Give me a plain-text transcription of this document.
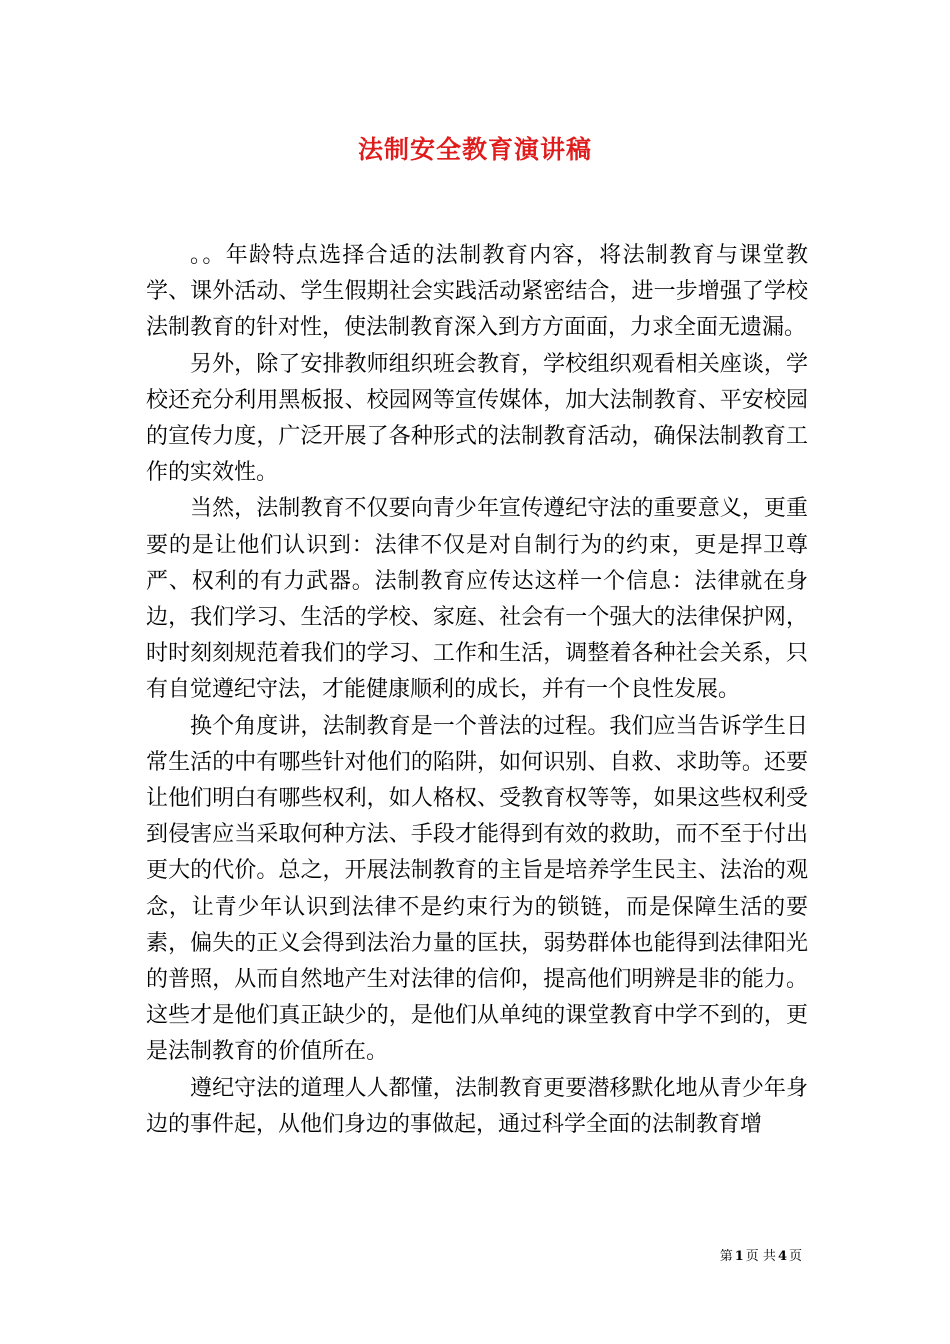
法制安全教育演讲稿

。。年龄特点选择合适的法制教育内容，将法制教育与课堂教学、课外活动、学生假期社会实践活动紧密结合，进一步增强了学校法制教育的针对性，使法制教育深入到方方面面，力求全面无遗漏。

另外，除了安排教师组织班会教育，学校组织观看相关座谈，学校还充分利用黑板报、校园网等宣传媒体，加大法制教育、平安校园的宣传力度，广泛开展了各种形式的法制教育活动，确保法制教育工作的实效性。

当然，法制教育不仅要向青少年宣传遵纪守法的重要意义，更重要的是让他们认识到：法律不仅是对自制行为的约束，更是捍卫尊严、权利的有力武器。法制教育应传达这样一个信息：法律就在身边，我们学习、生活的学校、家庭、社会有一个强大的法律保护网，时时刻刻规范着我们的学习、工作和生活，调整着各种社会关系，只有自觉遵纪守法，才能健康顺利的成长，并有一个良性发展。

换个角度讲，法制教育是一个普法的过程。我们应当告诉学生日常生活的中有哪些针对他们的陷阱，如何识别、自救、求助等。还要让他们明白有哪些权利，如人格权、受教育权等等，如果这些权利受到侵害应当采取何种方法、手段才能得到有效的救助，而不至于付出更大的代价。总之，开展法制教育的主旨是培养学生民主、法治的观念，让青少年认识到法律不是约束行为的锁链，而是保障生活的要素，偏失的正义会得到法治力量的匡扶，弱势群体也能得到法律阳光的普照，从而自然地产生对法律的信仰，提高他们明辨是非的能力。这些才是他们真正缺少的，是他们从单纯的课堂教育中学不到的，更是法制教育的价值所在。

遵纪守法的道理人人都懂，法制教育更要潜移默化地从青少年身边的事件起，从他们身边的事做起，通过科学全面的法制教育增

第 1 页 共 4 页
